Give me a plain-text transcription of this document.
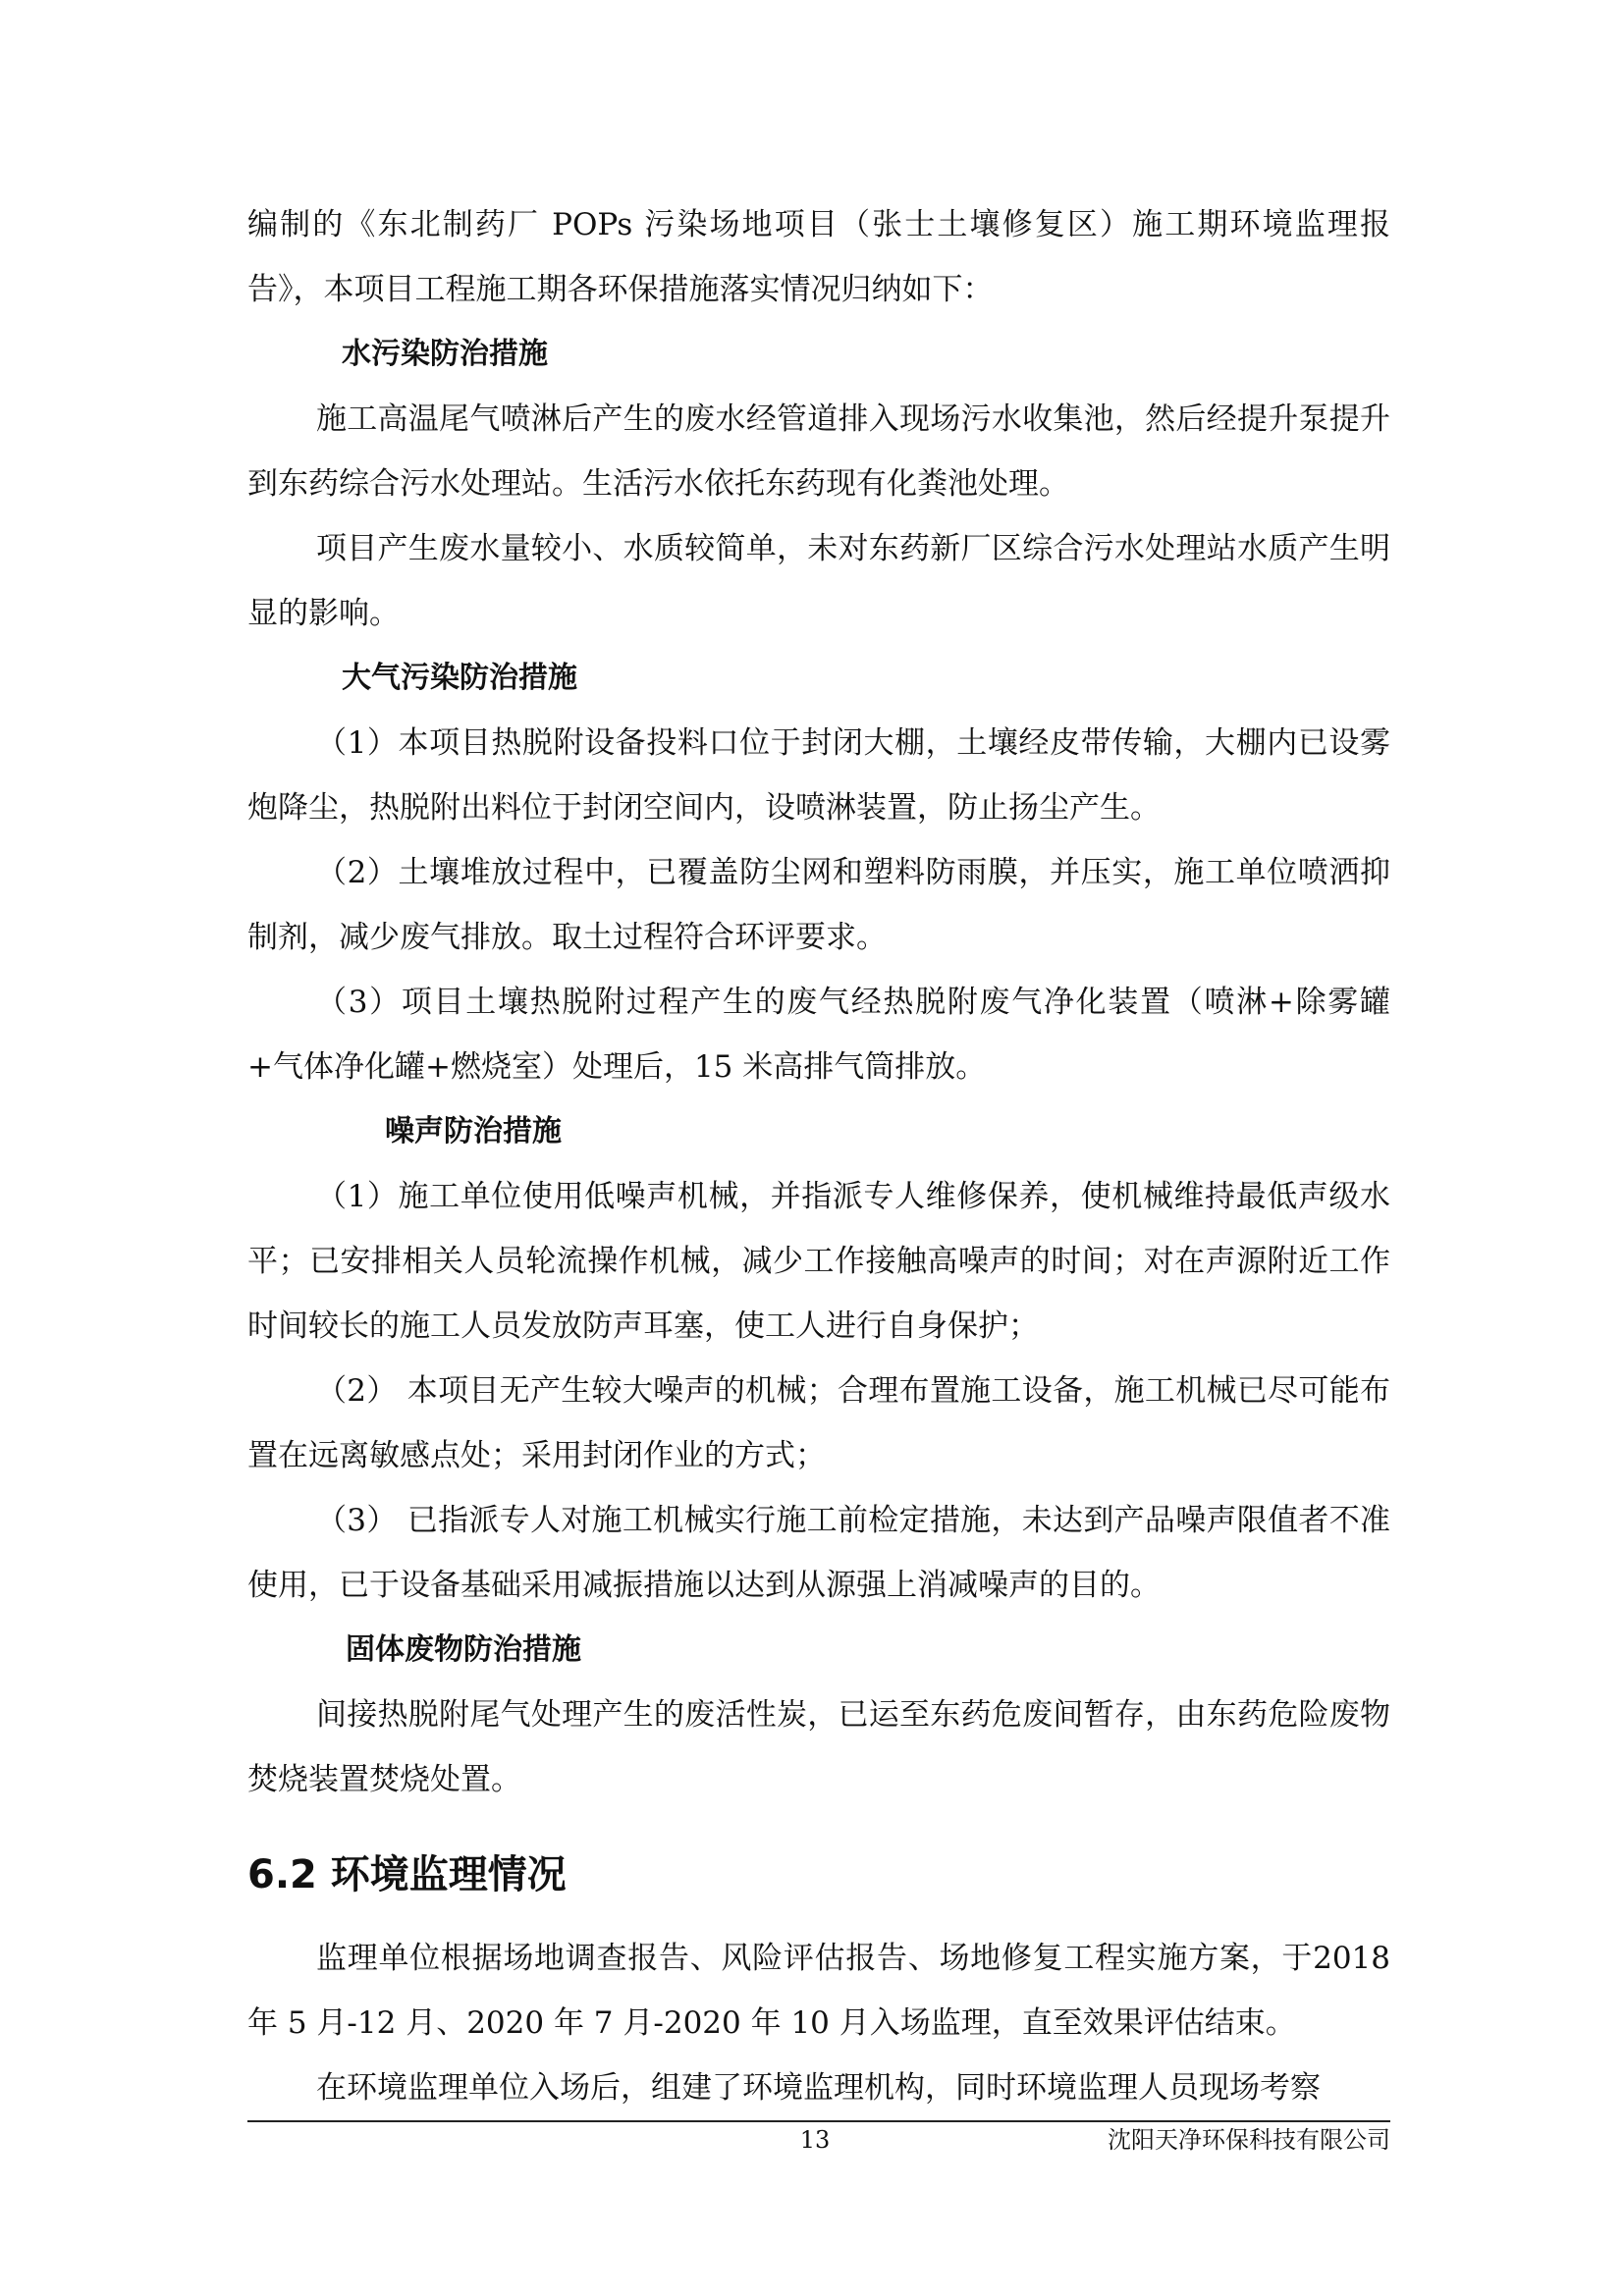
编制的《东北制药厂 POPs 污染场地项目（张士土壤修复区）施工期环境监理报告》，本项目工程施工期各环保措施落实情况归纳如下：

水污染防治措施

施工高温尾气喷淋后产生的废水经管道排入现场污水收集池，然后经提升泵提升到东药综合污水处理站。生活污水依托东药现有化粪池处理。

项目产生废水量较小、水质较简单，未对东药新厂区综合污水处理站水质产生明显的影响。

大气污染防治措施

（1）本项目热脱附设备投料口位于封闭大棚，土壤经皮带传输，大棚内已设雾炮降尘，热脱附出料位于封闭空间内，设喷淋装置，防止扬尘产生。

（2）土壤堆放过程中，已覆盖防尘网和塑料防雨膜，并压实，施工单位喷洒抑制剂，减少废气排放。取土过程符合环评要求。

（3）项目土壤热脱附过程产生的废气经热脱附废气净化装置（喷淋+除雾罐+气体净化罐+燃烧室）处理后，15 米高排气筒排放。

噪声防治措施

（1）施工单位使用低噪声机械，并指派专人维修保养，使机械维持最低声级水平；已安排相关人员轮流操作机械，减少工作接触高噪声的时间；对在声源附近工作时间较长的施工人员发放防声耳塞，使工人进行自身保护；

（2） 本项目无产生较大噪声的机械；合理布置施工设备，施工机械已尽可能布置在远离敏感点处；采用封闭作业的方式；

（3） 已指派专人对施工机械实行施工前检定措施，未达到产品噪声限值者不准使用，已于设备基础采用减振措施以达到从源强上消减噪声的目的。

固体废物防治措施

间接热脱附尾气处理产生的废活性炭，已运至东药危废间暂存，由东药危险废物焚烧装置焚烧处置。

6.2 环境监理情况

监理单位根据场地调查报告、风险评估报告、场地修复工程实施方案，于2018 年 5 月-12 月、2020 年 7 月-2020 年 10 月入场监理，直至效果评估结束。

在环境监理单位入场后，组建了环境监理机构，同时环境监理人员现场考察

13	沈阳天净环保科技有限公司
